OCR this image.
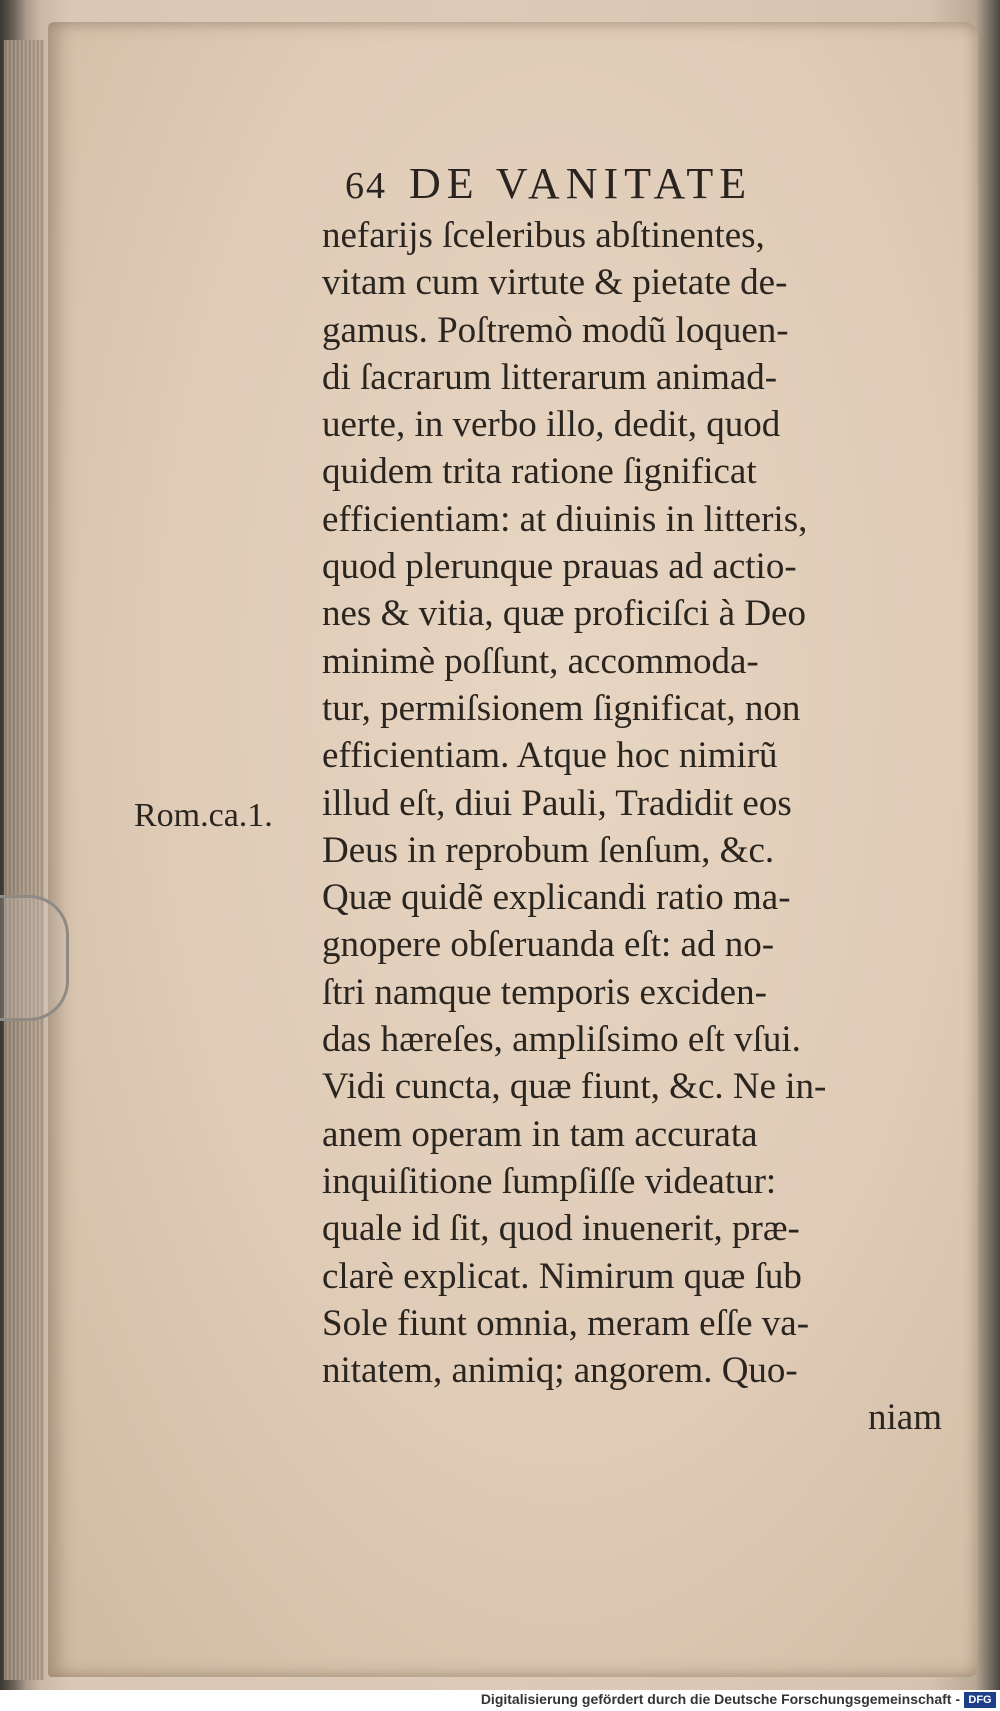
64 DE VANITATE
Rom.ca.1.
nefarijs ſceleribus abſtinentes,
vitam cum virtute & pietate de-
gamus. Poſtremò modũ loquen-
di ſacrarum litterarum animad-
uerte, in verbo illo, dedit, quod
quidem trita ratione ſignificat
efficientiam: at diuinis in litteris,
quod plerunque prauas ad actio-
nes & vitia, quæ proficiſci à Deo
minimè poſſunt, accommoda-
tur, permiſsionem ſignificat, non
efficientiam. Atque hoc nimirũ
illud eſt, diui Pauli, Tradidit eos
Deus in reprobum ſenſum, &c.
Quæ quidẽ explicandi ratio ma-
gnopere obſeruanda eſt: ad no-
ſtri namque temporis exciden-
das hæreſes, ampliſsimo eſt vſui.
Vidi cuncta, quæ fiunt, &c. Ne in-
anem operam in tam accurata
inquiſitione ſumpſiſſe videatur:
quale id ſit, quod inuenerit, præ-
clarè explicat. Nimirum quæ ſub
Sole fiunt omnia, meram eſſe va-
nitatem, animiq; angorem. Quo-
niam
Digitalisierung gefördert durch die Deutsche Forschungsgemeinschaft - DFG
